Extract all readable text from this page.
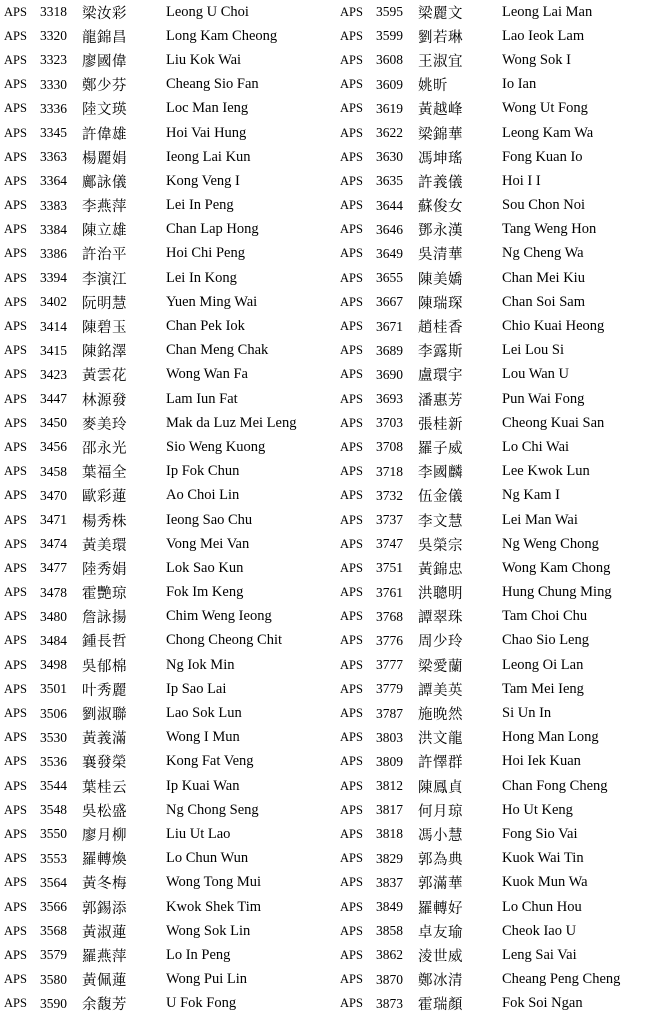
APS	3318	梁汝彩	Leong U Choi		APS	3595	梁麗文	Leong Lai Man
APS	3320	龍錦昌	Long Kam Cheong		APS	3599	劉若琳	Lao Ieok Lam
APS	3323	廖國偉	Liu Kok Wai		APS	3608	王淑宜	Wong Sok I
APS	3330	鄭少芬	Cheang Sio Fan		APS	3609	姚昕	Io Ian
APS	3336	陸文瑛	Loc Man Ieng		APS	3619	黃越峰	Wong Ut Fong
APS	3345	許偉雄	Hoi Vai Hung		APS	3622	梁錦華	Leong Kam Wa
APS	3363	楊麗娟	Ieong Lai Kun		APS	3630	馮坤瑤	Fong Kuan Io
APS	3364	鄺詠儀	Kong Veng I		APS	3635	許義儀	Hoi I I
APS	3383	李燕萍	Lei In Peng		APS	3644	蘇俊女	Sou Chon Noi
APS	3384	陳立雄	Chan Lap Hong		APS	3646	鄧永漢	Tang Weng Hon
APS	3386	許治平	Hoi Chi Peng		APS	3649	吳清華	Ng Cheng Wa
APS	3394	李演江	Lei In Kong		APS	3655	陳美嬌	Chan Mei Kiu
APS	3402	阮明慧	Yuen Ming Wai		APS	3667	陳瑞琛	Chan Soi Sam
APS	3414	陳碧玉	Chan Pek Iok		APS	3671	趙桂香	Chio Kuai Heong
APS	3415	陳銘澤	Chan Meng Chak		APS	3689	李露斯	Lei Lou Si
APS	3423	黃雲花	Wong Wan Fa		APS	3690	盧環宇	Lou Wan U
APS	3447	林源發	Lam Iun Fat		APS	3693	潘惠芳	Pun Wai Fong
APS	3450	麥美玲	Mak da Luz Mei Leng		APS	3703	張桂新	Cheong Kuai San
APS	3456	邵永光	Sio Weng Kuong		APS	3708	羅子威	Lo Chi Wai
APS	3458	葉福全	Ip Fok Chun		APS	3718	李國麟	Lee Kwok Lun
APS	3470	歐彩蓮	Ao Choi Lin		APS	3732	伍金儀	Ng Kam I
APS	3471	楊秀株	Ieong Sao Chu		APS	3737	李文慧	Lei Man Wai
APS	3474	黃美環	Vong Mei Van		APS	3747	吳榮宗	Ng Weng Chong
APS	3477	陸秀娟	Lok Sao Kun		APS	3751	黃錦忠	Wong Kam Chong
APS	3478	霍艷琼	Fok Im Keng		APS	3761	洪聰明	Hung Chung Ming
APS	3480	詹詠揚	Chim Weng Ieong		APS	3768	譚翠珠	Tam Choi Chu
APS	3484	鍾長哲	Chong Cheong Chit		APS	3776	周少玲	Chao Sio Leng
APS	3498	吳郁棉	Ng Iok Min		APS	3777	梁愛蘭	Leong Oi Lan
APS	3501	叶秀麗	Ip Sao Lai		APS	3779	譚美英	Tam Mei Ieng
APS	3506	劉淑聯	Lao Sok Lun		APS	3787	施晚然	Si Un In
APS	3530	黃義滿	Wong I Mun		APS	3803	洪文龍	Hong Man Long
APS	3536	襄發榮	Kong Fat Veng		APS	3809	許懌群	Hoi Iek Kuan
APS	3544	葉桂云	Ip Kuai Wan		APS	3812	陳鳳貞	Chan Fong Cheng
APS	3548	吳松盛	Ng Chong Seng		APS	3817	何月琼	Ho Ut Keng
APS	3550	廖月柳	Liu Ut Lao		APS	3818	馮小慧	Fong Sio Vai
APS	3553	羅轉煥	Lo Chun Wun		APS	3829	郭為典	Kuok Wai Tin
APS	3564	黃冬梅	Wong Tong Mui		APS	3837	郭滿華	Kuok Mun Wa
APS	3566	郭錫添	Kwok Shek Tim		APS	3849	羅轉好	Lo Chun Hou
APS	3568	黃淑蓮	Wong Sok Lin		APS	3858	卓友瑜	Cheok Iao U
APS	3579	羅燕萍	Lo In Peng		APS	3862	淩世威	Leng Sai Vai
APS	3580	黃佩蓮	Wong Pui Lin		APS	3870	鄭冰清	Cheang Peng Cheng
APS	3590	余馥芳	U Fok Fong		APS	3873	霍瑞顏	Fok Soi Ngan
